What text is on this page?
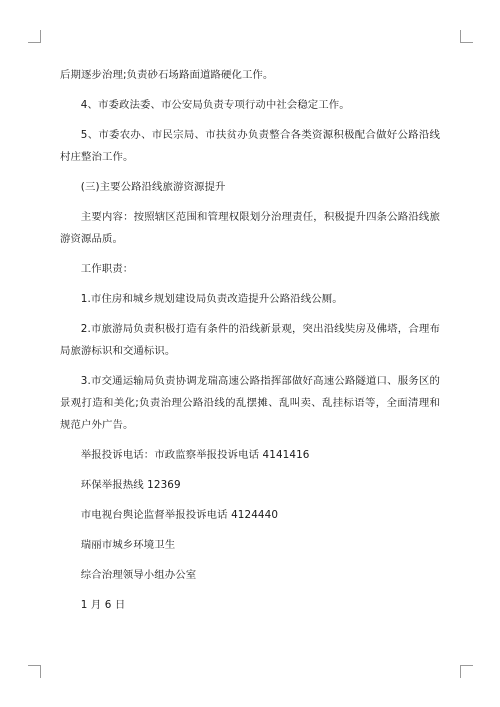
后期逐步治理;负责砂石场路面道路硬化工作。

4、市委政法委、市公安局负责专项行动中社会稳定工作。

5、市委农办、市民宗局、市扶贫办负责整合各类资源积极配合做好公路沿线村庄整治工作。

(三)主要公路沿线旅游资源提升

主要内容：按照辖区范围和管理权限划分治理责任，积极提升四条公路沿线旅游资源品质。

工作职责：

1.市住房和城乡规划建设局负责改造提升公路沿线公厕。

2.市旅游局负责积极打造有条件的沿线新景观，突出沿线奘房及佛塔，合理布局旅游标识和交通标识。

3.市交通运输局负责协调龙瑞高速公路指挥部做好高速公路隧道口、服务区的景观打造和美化;负责治理公路沿线的乱摆摊、乱叫卖、乱挂标语等，全面清理和规范户外广告。

举报投诉电话：市政监察举报投诉电话 4141416

环保举报热线 12369

市电视台舆论监督举报投诉电话 4124440

瑞丽市城乡环境卫生

综合治理领导小组办公室

1 月 6 日
